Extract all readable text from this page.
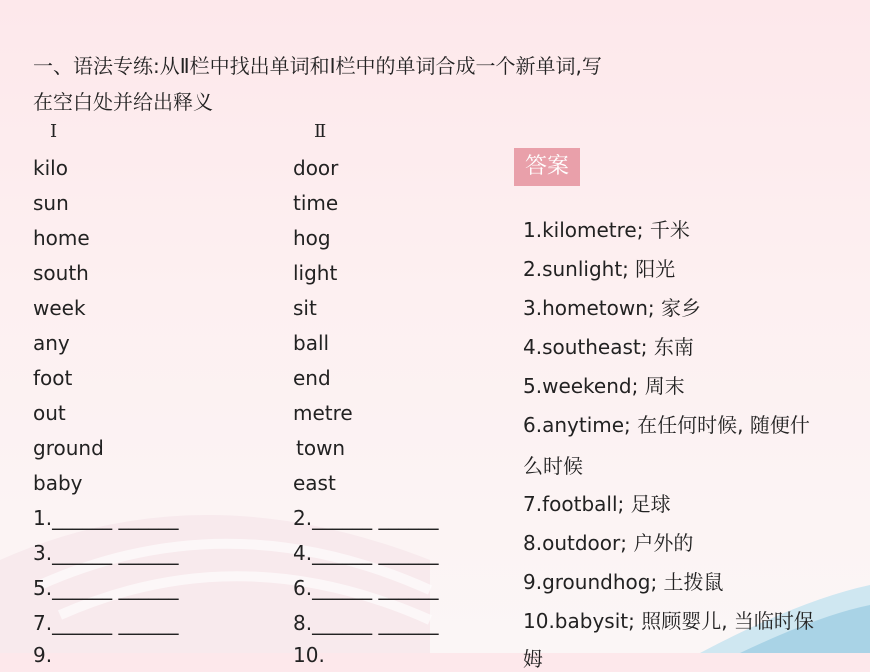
一、语法专练:从Ⅱ栏中找出单词和Ⅰ栏中的单词合成一个新单词,写
在空白处并给出释义
Ⅰ	Ⅱ
kilo
sun
home
south
week
any
foot
out
ground
baby
door
time
hog
light
sit
ball
end
metre
town
east
1.______ ______
3.______ ______
5.______ ______
7.______ ______
9.
2.______ ______
4.______ ______
6.______ ______
8.______ ______
10.
答案
1.kilometre; 千米
2.sunlight; 阳光
3.hometown; 家乡
4.southeast; 东南
5.weekend; 周末
6.anytime; 在任何时候, 随便什
么时候
7.football; 足球
8.outdoor; 户外的
9.groundhog; 土拨鼠
10.babysit; 照顾婴儿, 当临时保
姆
